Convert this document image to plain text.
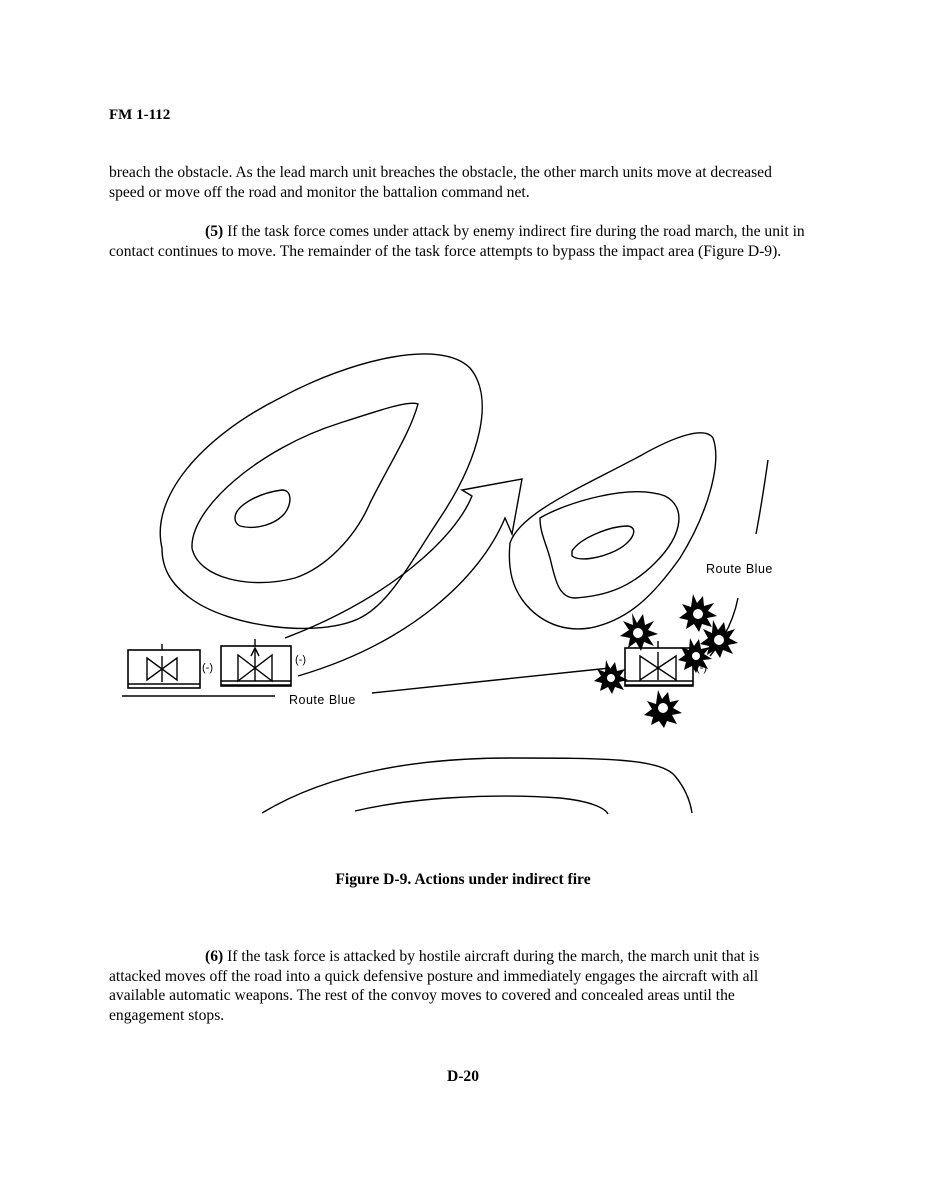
FM 1-112

breach the obstacle. As the lead march unit breaches the obstacle, the other march units move at decreased speed or move off the road and monitor the battalion command net.

(5) If the task force comes under attack by enemy indirect fire during the road march, the unit in contact continues to move. The remainder of the task force attempts to bypass the impact area (Figure D-9).

(-)
(-)
(-)
Route Blue
Route Blue
Figure D-9. Actions under indirect fire

(6) If the task force is attacked by hostile aircraft during the march, the march unit that is attacked moves off the road into a quick defensive posture and immediately engages the aircraft with all available automatic weapons. The rest of the convoy moves to covered and concealed areas until the engagement stops.

D-20
